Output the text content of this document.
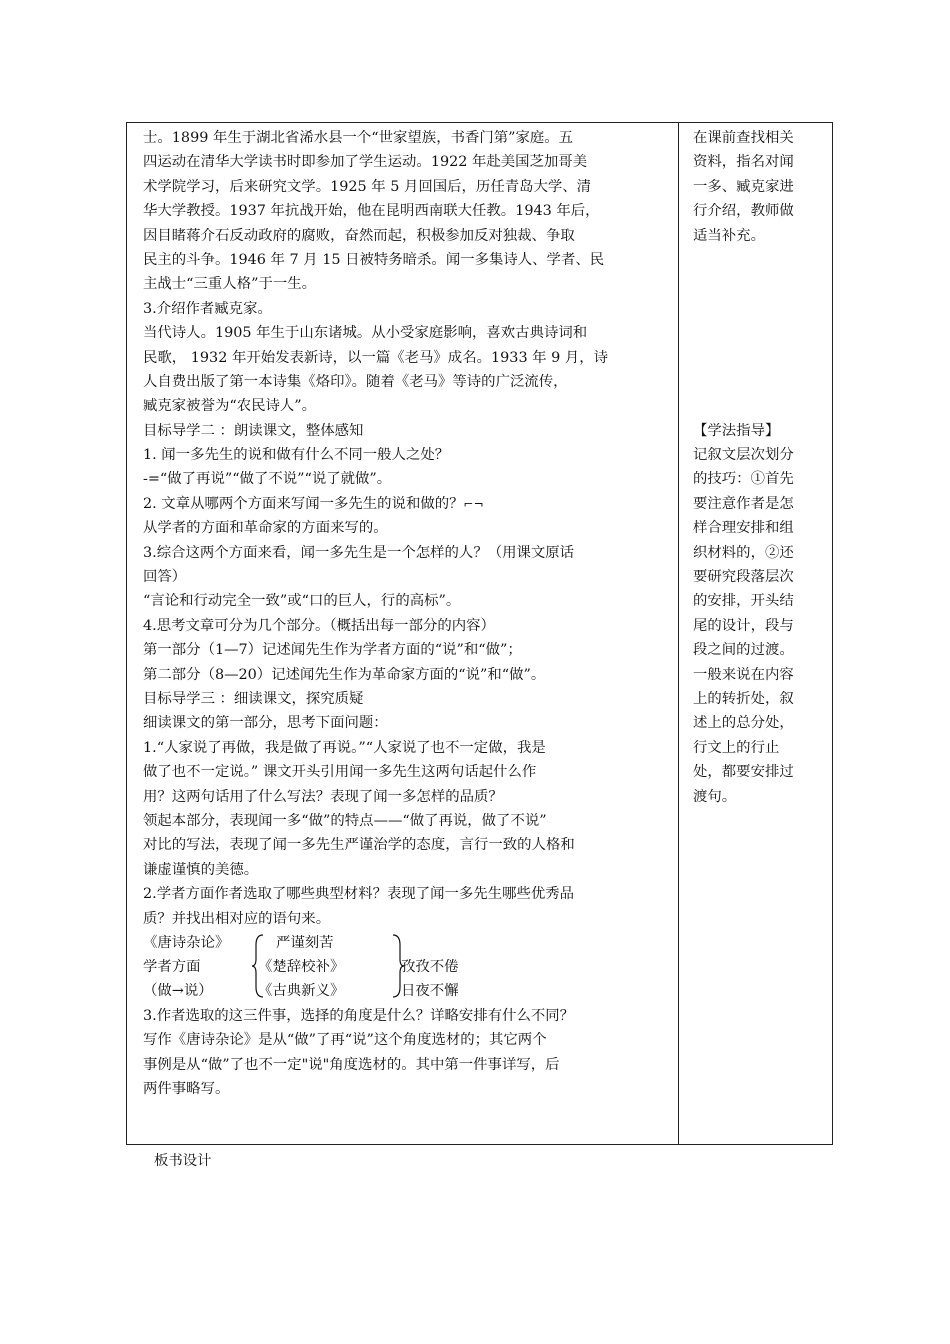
士。1899 年生于湖北省浠水县一个“世家望族，书香门第”家庭。五
四运动在清华大学读书时即参加了学生运动。1922 年赴美国芝加哥美
术学院学习，后来研究文学。1925 年 5 月回国后，历任青岛大学、清
华大学教授。1937 年抗战开始，他在昆明西南联大任教。1943 年后，
因目睹蒋介石反动政府的腐败，奋然而起，积极参加反对独裁、争取
民主的斗争。1946 年 7 月 15 日被特务暗杀。闻一多集诗人、学者、民
主战士“三重人格”于一生。
3.介绍作者臧克家。
当代诗人。1905 年生于山东诸城。从小受家庭影响，喜欢古典诗词和
民歌， 1932 年开始发表新诗，以一篇《老马》成名。1933 年 9 月，诗
人自费出版了第一本诗集《烙印》。随着《老马》等诗的广泛流传，
臧克家被誉为“农民诗人”。
目标导学二 ：朗读课文，整体感知
1. 闻一多先生的说和做有什么不同一般人之处？
-=“做了再说”“做了不说”“说了就做”。
2. 文章从哪两个方面来写闻一多先生的说和做的？⌐¬
从学者的方面和革命家的方面来写的。
3.综合这两个方面来看，闻一多先生是一个怎样的人？（用课文原话
回答）
“言论和行动完全一致”或“口的巨人，行的高标”。
4.思考文章可分为几个部分。（概括出每一部分的内容）
第一部分（1—7）记述闻先生作为学者方面的“说”和“做”；
第二部分（8—20）记述闻先生作为革命家方面的“说”和“做”。
目标导学三 ：细读课文，探究质疑
细读课文的第一部分，思考下面问题：
1.“人家说了再做，我是做了再说。”“人家说了也不一定做，我是
做了也不一定说。” 课文开头引用闻一多先生这两句话起什么作
用？这两句话用了什么写法？表现了闻一多怎样的品质？
领起本部分，表现闻一多“做”的特点——“做了再说，做了不说”
对比的写法，表现了闻一多先生严谨治学的态度，言行一致的人格和
谦虚谨慎的美德。
2.学者方面作者选取了哪些典型材料？表现了闻一多先生哪些优秀品
质？并找出相对应的语句来。
《唐诗杂论》
学者方面
（做→说）
《楚辞校补》
《古典新义》
严谨刻苦
孜孜不倦
日夜不懈
3.作者选取的这三件事，选择的角度是什么？详略安排有什么不同？
写作《唐诗杂论》是从“做”了再“说”这个角度选材的；其它两个
事例是从“做”了也不一定"说"角度选材的。其中第一件事详写，后
两件事略写。
在课前查找相关
资料，指名对闻
一多、臧克家进
行介绍，教师做
适当补充。
【学法指导】
记叙文层次划分
的技巧：①首先
要注意作者是怎
样合理安排和组
织材料的，②还
要研究段落层次
的安排，开头结
尾的设计，段与
段之间的过渡。
一般来说在内容
上的转折处，叙
述上的总分处，
行文上的行止
处，都要安排过
渡句。
板书设计
